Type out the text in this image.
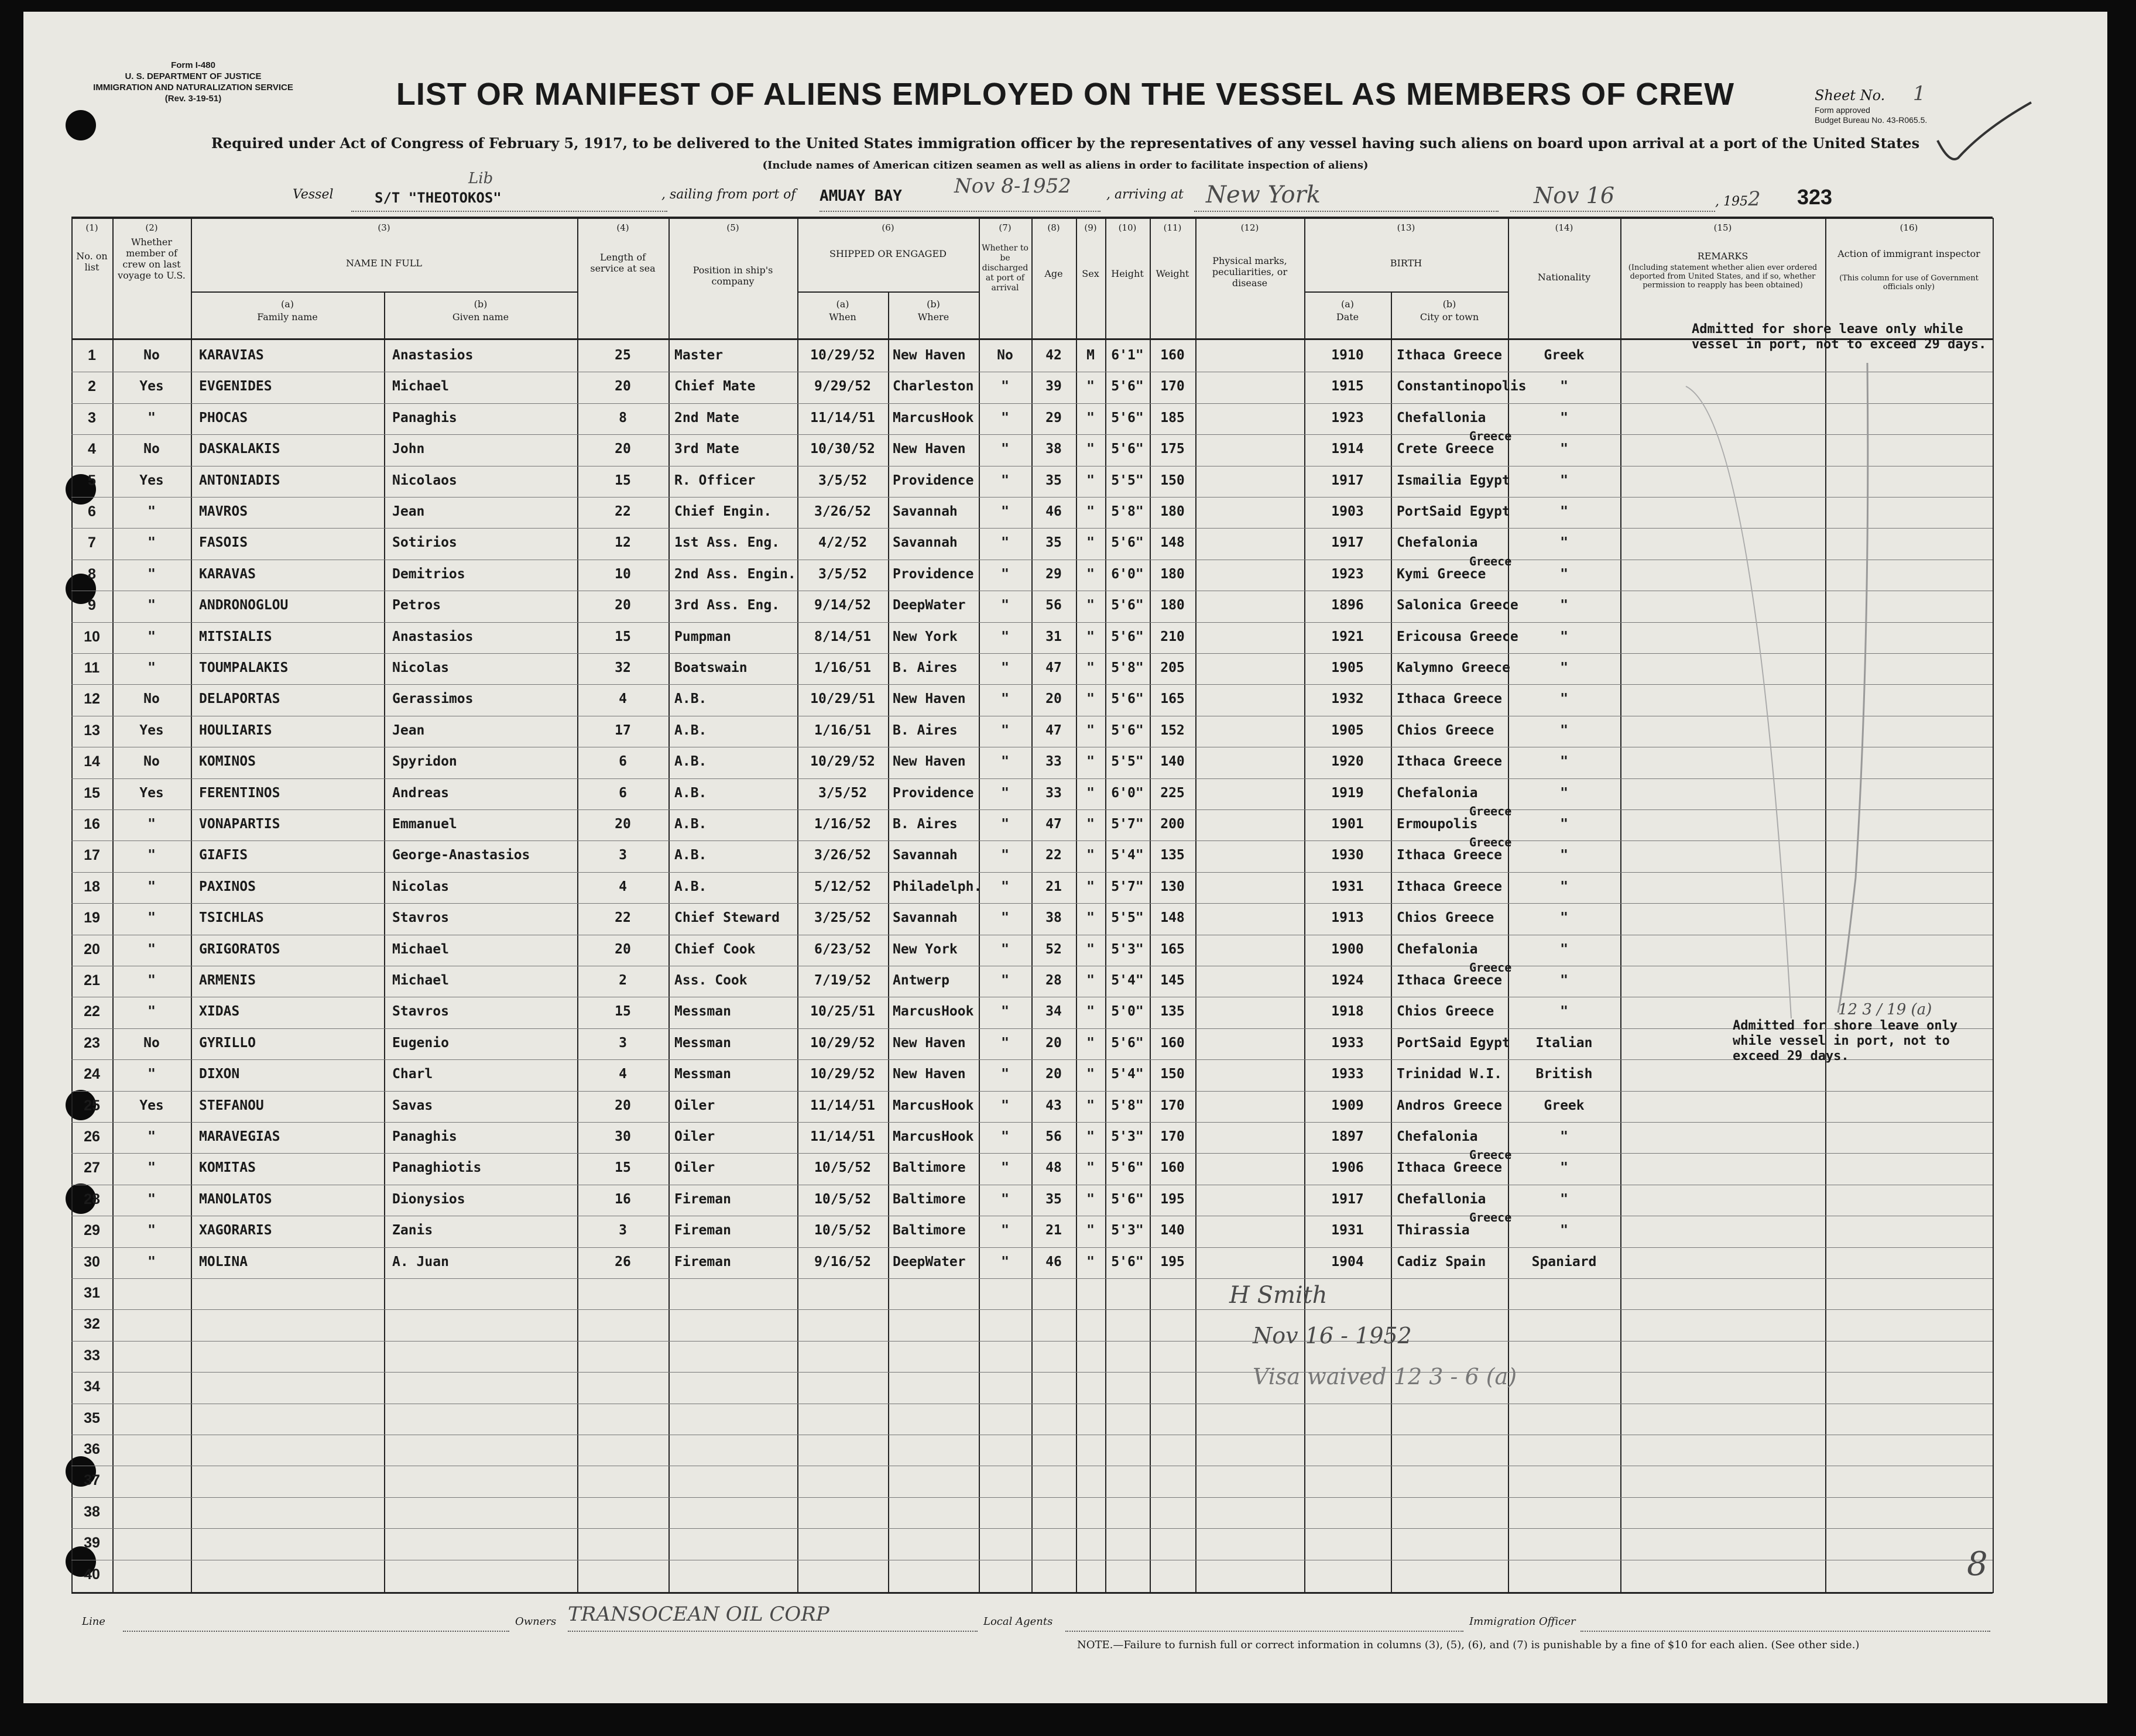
Form I-480
U. S. DEPARTMENT OF JUSTICE
IMMIGRATION AND NATURALIZATION SERVICE
(Rev. 3-19-51)	LIST OR MANIFEST OF ALIENS EMPLOYED ON THE VESSEL AS MEMBERS OF CREW
Required under Act of Congress of February 5, 1917, to be delivered to the United States immigration officer by the representatives of any vessel having such aliens on board upon arrival at a port of the United States
(Include names of American citizen seamen as well as aliens in order to facilitate inspection of aliens)
Sheet No. 1
Form approved
Budget Bureau No. 43-R065.5.
Vessel	S/T "THEOTOKOS"
Lib
, sailing from port of AMUAY BAY	Nov 8-1952	, arriving at New York	Nov 16	, 1952 323
(1)
No. on list
(2)
Whether member of crew on last voyage to U.S.
(3)
NAME IN FULL
(a)
Family name
(b)
Given name
(4)
Length of service at sea
(5)
Position in ship's company
(6)
SHIPPED OR ENGAGED
(a)
When
(b)
Where
(7)
Whether to be discharged at port of arrival
(8)
Age
(9)
Sex
(10)
Height
(11)
Weight
(12)
Physical marks, peculiarities, or disease
(13)
BIRTH
(a)
Date
(b)
City or town
(14)
Nationality
(15)
REMARKS
(Including statement whether alien ever ordered deported from United States, and if so, whether permission to reapply has been obtained)
(16)
Action of immigrant inspector
(This column for use of Government officials only)
1	No	KARAVIAS	Anastasios	25	Master	10/29/52	New Haven	No	42	M	6'1"	160	1910	Ithaca Greece	Greek
2	Yes	EVGENIDES	Michael	20	Chief Mate	9/29/52	Charleston	"	39	"	5'6"	170	1915	Constantinopolis	"
3	"	PHOCAS	Panaghis	8	2nd Mate	11/14/51	MarcusHook	"	29	"	5'6"	185	1923	Chefallonia	"
4	No	DASKALAKIS	John	20	3rd Mate	10/30/52	New Haven	"	38	"	5'6"	175	1914	Crete Greece	"
5	Yes	ANTONIADIS	Nicolaos	15	R. Officer	3/5/52	Providence	"	35	"	5'5"	150	1917	Ismailia Egypt	"
6	"	MAVROS	Jean	22	Chief Engin.	3/26/52	Savannah	"	46	"	5'8"	180	1903	PortSaid Egypt	"
7	"	FASOIS	Sotirios	12	1st Ass. Eng.	4/2/52	Savannah	"	35	"	5'6"	148	1917	Chefalonia	"
8	"	KARAVAS	Demitrios	10	2nd Ass. Engin.	3/5/52	Providence	"	29	"	6'0"	180	1923	Kymi Greece	"
9	"	ANDRONOGLOU	Petros	20	3rd Ass. Eng.	9/14/52	DeepWater	"	56	"	5'6"	180	1896	Salonica Greece	"
10	"	MITSIALIS	Anastasios	15	Pumpman	8/14/51	New York	"	31	"	5'6"	210	1921	Ericousa Greece	"
11	"	TOUMPALAKIS	Nicolas	32	Boatswain	1/16/51	B. Aires	"	47	"	5'8"	205	1905	Kalymno Greece	"
12	No	DELAPORTAS	Gerassimos	4	A.B.	10/29/51	New Haven	"	20	"	5'6"	165	1932	Ithaca Greece	"
13	Yes	HOULIARIS	Jean	17	A.B.	1/16/51	B. Aires	"	47	"	5'6"	152	1905	Chios Greece	"
14	No	KOMINOS	Spyridon	6	A.B.	10/29/52	New Haven	"	33	"	5'5"	140	1920	Ithaca Greece	"
15	Yes	FERENTINOS	Andreas	6	A.B.	3/5/52	Providence	"	33	"	6'0"	225	1919	Chefalonia	"
16	"	VONAPARTIS	Emmanuel	20	A.B.	1/16/52	B. Aires	"	47	"	5'7"	200	1901	Ermoupolis	"
17	"	GIAFIS	George-Anastasios	3	A.B.	3/26/52	Savannah	"	22	"	5'4"	135	1930	Ithaca Greece	"
18	"	PAXINOS	Nicolas	4	A.B.	5/12/52	Philadelph.	"	21	"	5'7"	130	1931	Ithaca Greece	"
19	"	TSICHLAS	Stavros	22	Chief Steward	3/25/52	Savannah	"	38	"	5'5"	148	1913	Chios Greece	"
20	"	GRIGORATOS	Michael	20	Chief Cook	6/23/52	New York	"	52	"	5'3"	165	1900	Chefalonia	"
21	"	ARMENIS	Michael	2	Ass. Cook	7/19/52	Antwerp	"	28	"	5'4"	145	1924	Ithaca Greece	"
22	"	XIDAS	Stavros	15	Messman	10/25/51	MarcusHook	"	34	"	5'0"	135	1918	Chios Greece	"
23	No	GYRILLO	Eugenio	3	Messman	10/29/52	New Haven	"	20	"	5'6"	160	1933	PortSaid Egypt	Italian
24	"	DIXON	Charl	4	Messman	10/29/52	New Haven	"	20	"	5'4"	150	1933	Trinidad W.I.	British
25	Yes	STEFANOU	Savas	20	Oiler	11/14/51	MarcusHook	"	43	"	5'8"	170	1909	Andros Greece	Greek
26	"	MARAVEGIAS	Panaghis	30	Oiler	11/14/51	MarcusHook	"	56	"	5'3"	170	1897	Chefalonia	"
27	"	KOMITAS	Panaghiotis	15	Oiler	10/5/52	Baltimore	"	48	"	5'6"	160	1906	Ithaca Greece	"
28	"	MANOLATOS	Dionysios	16	Fireman	10/5/52	Baltimore	"	35	"	5'6"	195	1917	Chefallonia	"
29	"	XAGORARIS	Zanis	3	Fireman	10/5/52	Baltimore	"	21	"	5'3"	140	1931	Thirassia	"
30	"	MOLINA	A. Juan	26	Fireman	9/16/52	DeepWater	"	46	"	5'6"	195	1904	Cadiz Spain	Spaniard
Greece
Greece
Greece
Greece
Greece
Greece
Greece
31
32
33
34
35
36
37
38
39
40
Admitted for shore leave only while vessel in port, not to exceed 29 days.
Admitted for shore leave only while vessel in port, not to exceed 29 days.
12 3 / 19 (a)
H Smith
Nov 16 - 1952
Visa waived 12 3 - 6 (a)
8
Line	Owners TRANSOCEAN OIL CORP	Local Agents	Immigration Officer
NOTE.—Failure to furnish full or correct information in columns (3), (5), (6), and (7) is punishable by a fine of $10 for each alien. (See other side.)
